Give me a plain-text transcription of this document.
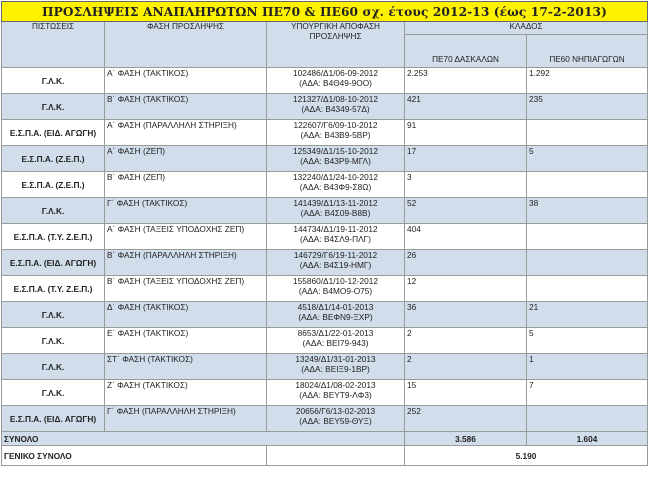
ΠΡΟΣΛΗΨΕΙΣ ΑΝΑΠΛΗΡΩΤΩΝ ΠΕ70 & ΠΕ60 σχ. έτους 2012-13 (έως 17-2-2013)				
ΠΙΣΤΩΣΕΙΣ	ΦΑΣΗ ΠΡΟΣΛΗΨΗΣ	ΥΠΟΥΡΓΙΚΗ ΑΠΟΦΑΣΗ ΠΡΟΣΛΗΨΗΣ	ΚΛΑΔΟΣ	
			ΠΕ70 ΔΑΣΚΑΛΩΝ	ΠΕ60 ΝΗΠΙΑΓΩΓΩΝ
Γ.Λ.Κ.	Α΄ ΦΑΣΗ (ΤΑΚΤΙΚΟΣ)	102486/Δ1/06-09-2012
(ΑΔΑ: Β4Θ49-9ΟΟ)	2.253	1.292
Γ.Λ.Κ.	Β΄ ΦΑΣΗ (ΤΑΚΤΙΚΟΣ)	121327/Δ1/08-10-2012
(ΑΔΑ: Β4349-57Δ)	421	235
Ε.Σ.Π.Α. (ΕΙΔ. ΑΓΩΓΗ)	Α΄ ΦΑΣΗ (ΠΑΡΑΛΛΗΛΗ ΣΤΗΡΙΞΗ)	122607/Γ6/09-10-2012
(ΑΔΑ: Β43Β9-5ΒΡ)	91	
Ε.Σ.Π.Α. (Ζ.Ε.Π.)	Α΄ ΦΑΣΗ (ΖΕΠ)	125349/Δ1/15-10-2012
(ΑΔΑ: Β43Ρ9-ΜΓΛ)	17	5
Ε.Σ.Π.Α. (Ζ.Ε.Π.)	Β΄ ΦΑΣΗ (ΖΕΠ)	132240/Δ1/24-10-2012
(ΑΔΑ: Β43Φ9-Σ8Ω)	3	
Γ.Λ.Κ.	Γ΄ ΦΑΣΗ (ΤΑΚΤΙΚΟΣ)	141439/Δ1/13-11-2012
(ΑΔΑ: Β4Σ09-Β8Β)	52	38
Ε.Σ.Π.Α. (Τ.Υ. Ζ.Ε.Π.)	Α΄ ΦΑΣΗ (ΤΑΞΕΙΣ ΥΠΟΔΟΧΗΣ ΖΕΠ)	144734/Δ1/19-11-2012
(ΑΔΑ: Β4ΣΛ9-ΠΛΓ)	404	
Ε.Σ.Π.Α. (ΕΙΔ. ΑΓΩΓΗ)	Β΄ ΦΑΣΗ (ΠΑΡΑΛΛΗΛΗ ΣΤΗΡΙΞΗ)	146729/Γ6/19-11-2012
(ΑΔΑ: Β4Σ19-ΗΜΓ)	26	
Ε.Σ.Π.Α. (Τ.Υ. Ζ.Ε.Π.)	Β΄ ΦΑΣΗ (ΤΑΞΕΙΣ ΥΠΟΔΟΧΗΣ ΖΕΠ)	155860/Δ1/10-12-2012
(ΑΔΑ: Β4ΜΟ9-Ο75)	12	
Γ.Λ.Κ.	Δ΄ ΦΑΣΗ (ΤΑΚΤΙΚΟΣ)	4518/Δ1/14-01-2013
(ΑΔΑ: ΒΕΦΝ9-ΞΧΡ)	36	21
Γ.Λ.Κ.	Ε΄ ΦΑΣΗ (ΤΑΚΤΙΚΟΣ)	8653/Δ1/22-01-2013
(ΑΔΑ: ΒΕΙ79-943)	2	5
Γ.Λ.Κ.	ΣΤ΄ ΦΑΣΗ (ΤΑΚΤΙΚΟΣ)	13249/Δ1/31-01-2013
(ΑΔΑ: ΒΕΙΞ9-1ΒΡ)	2	1
Γ.Λ.Κ.	Ζ΄ ΦΑΣΗ (ΤΑΚΤΙΚΟΣ)	18024/Δ1/08-02-2013
(ΑΔΑ: ΒΕΥΤ9-ΛΦ3)	15	7
Ε.Σ.Π.Α. (ΕΙΔ. ΑΓΩΓΗ)	Γ΄ ΦΑΣΗ (ΠΑΡΑΛΛΗΛΗ ΣΤΗΡΙΞΗ)	20656/Γ6/13-02-2013
(ΑΔΑ: ΒΕΥ59-ΘΥΞ)	252	
ΣΥΝΟΛΟ			3.586	1.604
ΓΕΝΙΚΟ ΣΥΝΟΛΟ			5.190	
